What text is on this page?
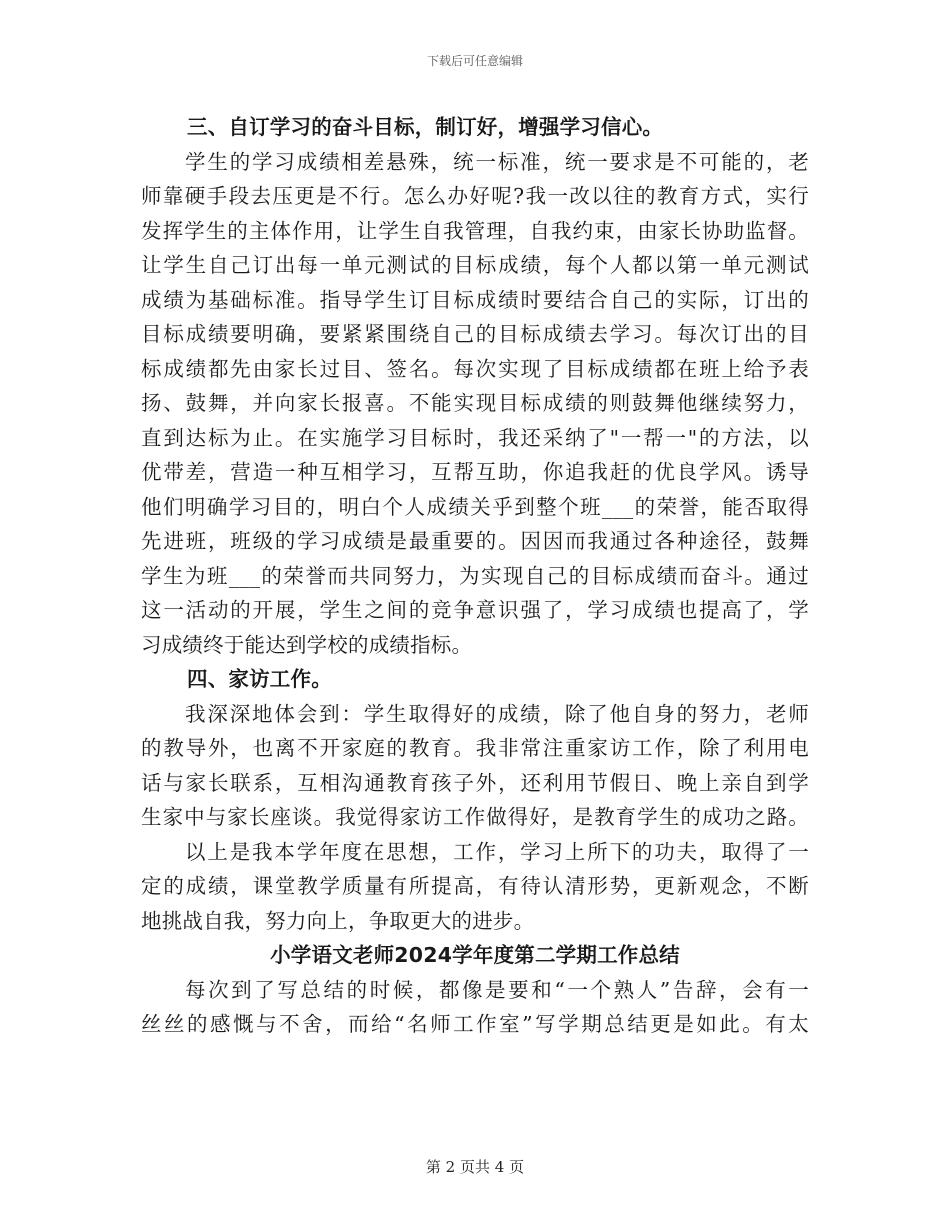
下载后可任意编辑
三、自订学习的奋斗目标，制订好，增强学习信心。
学生的学习成绩相差悬殊，统一标准，统一要求是不可能的，老
师靠硬手段去压更是不行。怎么办好呢?我一改以往的教育方式，实行
发挥学生的主体作用，让学生自我管理，自我约束，由家长协助监督。
让学生自己订出每一单元测试的目标成绩，每个人都以第一单元测试
成绩为基础标准。指导学生订目标成绩时要结合自己的实际，订出的
目标成绩要明确，要紧紧围绕自己的目标成绩去学习。每次订出的目
标成绩都先由家长过目、签名。每次实现了目标成绩都在班上给予表
扬、鼓舞，并向家长报喜。不能实现目标成绩的则鼓舞他继续努力，
直到达标为止。在实施学习目标时，我还采纳了"一帮一"的方法，以
优带差，营造一种互相学习，互帮互助，你追我赶的优良学风。诱导
他们明确学习目的，明白个人成绩关乎到整个班___的荣誉，能否取得
先进班，班级的学习成绩是最重要的。因因而我通过各种途径，鼓舞
学生为班___的荣誉而共同努力，为实现自己的目标成绩而奋斗。通过
这一活动的开展，学生之间的竞争意识强了，学习成绩也提高了，学
习成绩终于能达到学校的成绩指标。
四、家访工作。
我深深地体会到：学生取得好的成绩，除了他自身的努力，老师
的教导外，也离不开家庭的教育。我非常注重家访工作，除了利用电
话与家长联系，互相沟通教育孩子外，还利用节假日、晚上亲自到学
生家中与家长座谈。我觉得家访工作做得好，是教育学生的成功之路。
以上是我本学年度在思想，工作，学习上所下的功夫，取得了一
定的成绩，课堂教学质量有所提高，有待认清形势，更新观念，不断
地挑战自我，努力向上，争取更大的进步。
小学语文老师2024学年度第二学期工作总结
每次到了写总结的时候，都像是要和“一个熟人”告辞，会有一
丝丝的感慨与不舍，而给“名师工作室”写学期总结更是如此。有太
第 2 页共 4 页
